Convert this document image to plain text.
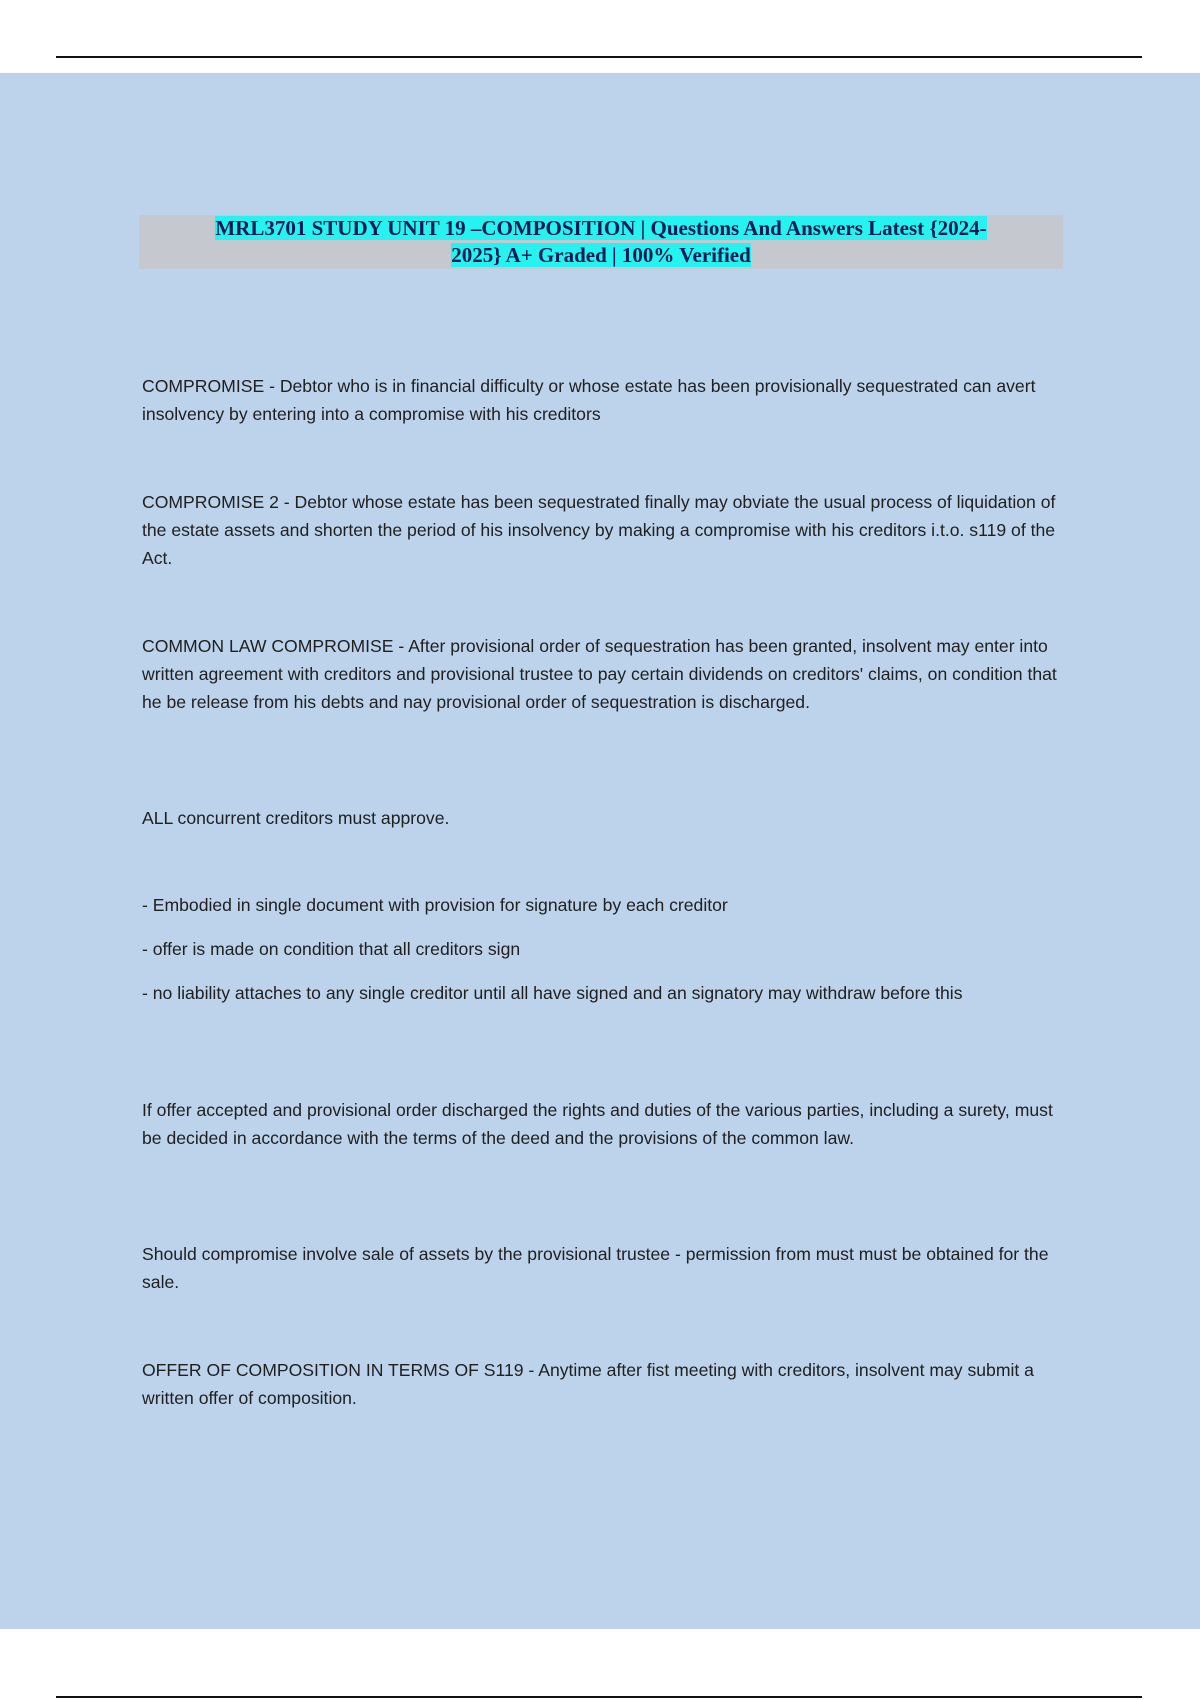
MRL3701 STUDY UNIT 19 –COMPOSITION | Questions And Answers Latest {2024-
2025} A+ Graded | 100% Verified

COMPROMISE - Debtor who is in financial difficulty or whose estate has been provisionally sequestrated can avert insolvency by entering into a compromise with his creditors

COMPROMISE 2 - Debtor whose estate has been sequestrated finally may obviate the usual process of liquidation of the estate assets and shorten the period of his insolvency by making a compromise with his creditors i.t.o. s119 of the Act.

COMMON LAW COMPROMISE - After provisional order of sequestration has been granted, insolvent may enter into written agreement with creditors and provisional trustee to pay certain dividends on creditors' claims, on condition that he be release from his debts and nay provisional order of sequestration is discharged.

ALL concurrent creditors must approve.

- Embodied in single document with provision for signature by each creditor

- offer is made on condition that all creditors sign

- no liability attaches to any single creditor until all have signed and an signatory may withdraw before this

If offer accepted and provisional order discharged the rights and duties of the various parties, including a surety, must be decided in accordance with the terms of the deed and the provisions of the common law.

Should compromise involve sale of assets by the provisional trustee - permission from must must be obtained for the sale.

OFFER OF COMPOSITION IN TERMS OF S119 - Anytime after fist meeting with creditors, insolvent may submit a written offer of composition.
